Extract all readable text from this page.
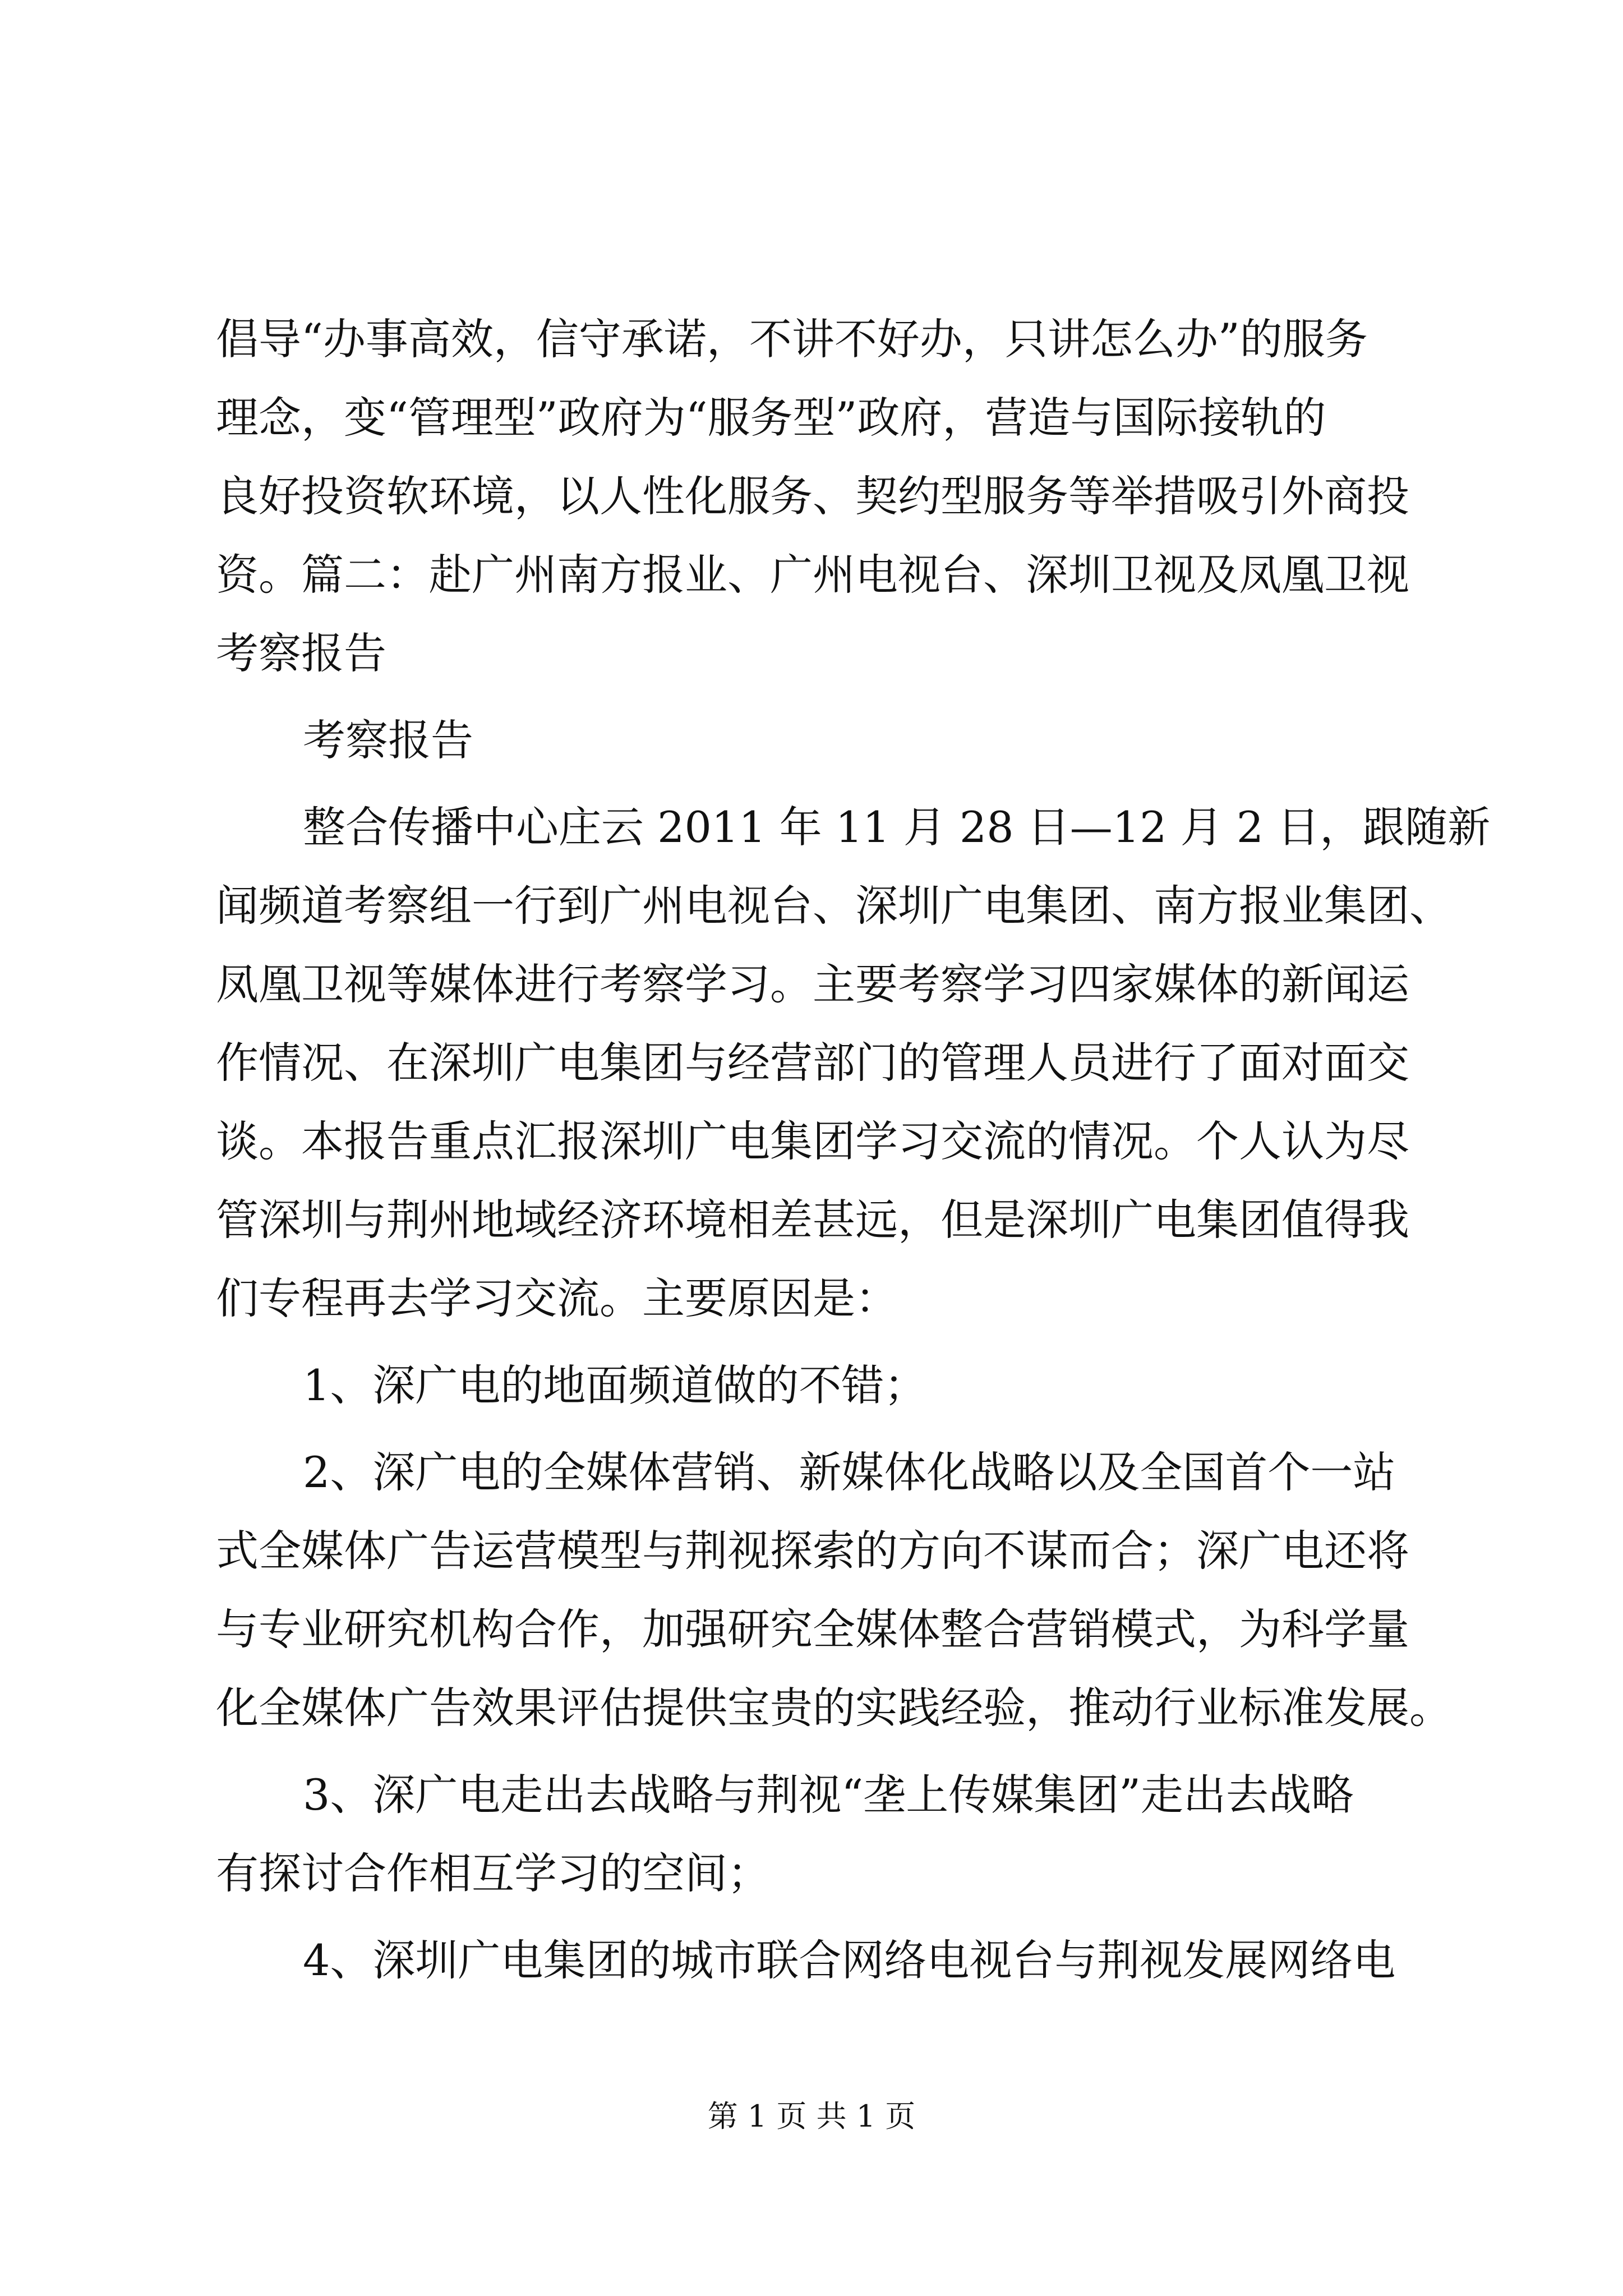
倡导“办事高效，信守承诺，不讲不好办，只讲怎么办”的服务
理念，变“管理型”政府为“服务型”政府，营造与国际接轨的
良好投资软环境，以人性化服务、契约型服务等举措吸引外商投
资。篇二：赴广州南方报业、广州电视台、深圳卫视及凤凰卫视
考察报告
考察报告
整合传播中心庄云 2011 年 11 月 28 日—12 月 2 日，跟随新
闻频道考察组一行到广州电视台、深圳广电集团、南方报业集团、
凤凰卫视等媒体进行考察学习。主要考察学习四家媒体的新闻运
作情况、在深圳广电集团与经营部门的管理人员进行了面对面交
谈。本报告重点汇报深圳广电集团学习交流的情况。个人认为尽
管深圳与荆州地域经济环境相差甚远，但是深圳广电集团值得我
们专程再去学习交流。主要原因是：
1、深广电的地面频道做的不错；
2、深广电的全媒体营销、新媒体化战略以及全国首个一站
式全媒体广告运营模型与荆视探索的方向不谋而合；深广电还将
与专业研究机构合作，加强研究全媒体整合营销模式，为科学量
化全媒体广告效果评估提供宝贵的实践经验，推动行业标准发展。
3、深广电走出去战略与荆视“垄上传媒集团”走出去战略
有探讨合作相互学习的空间；
4、深圳广电集团的城市联合网络电视台与荆视发展网络电
第 1 页 共 1 页
